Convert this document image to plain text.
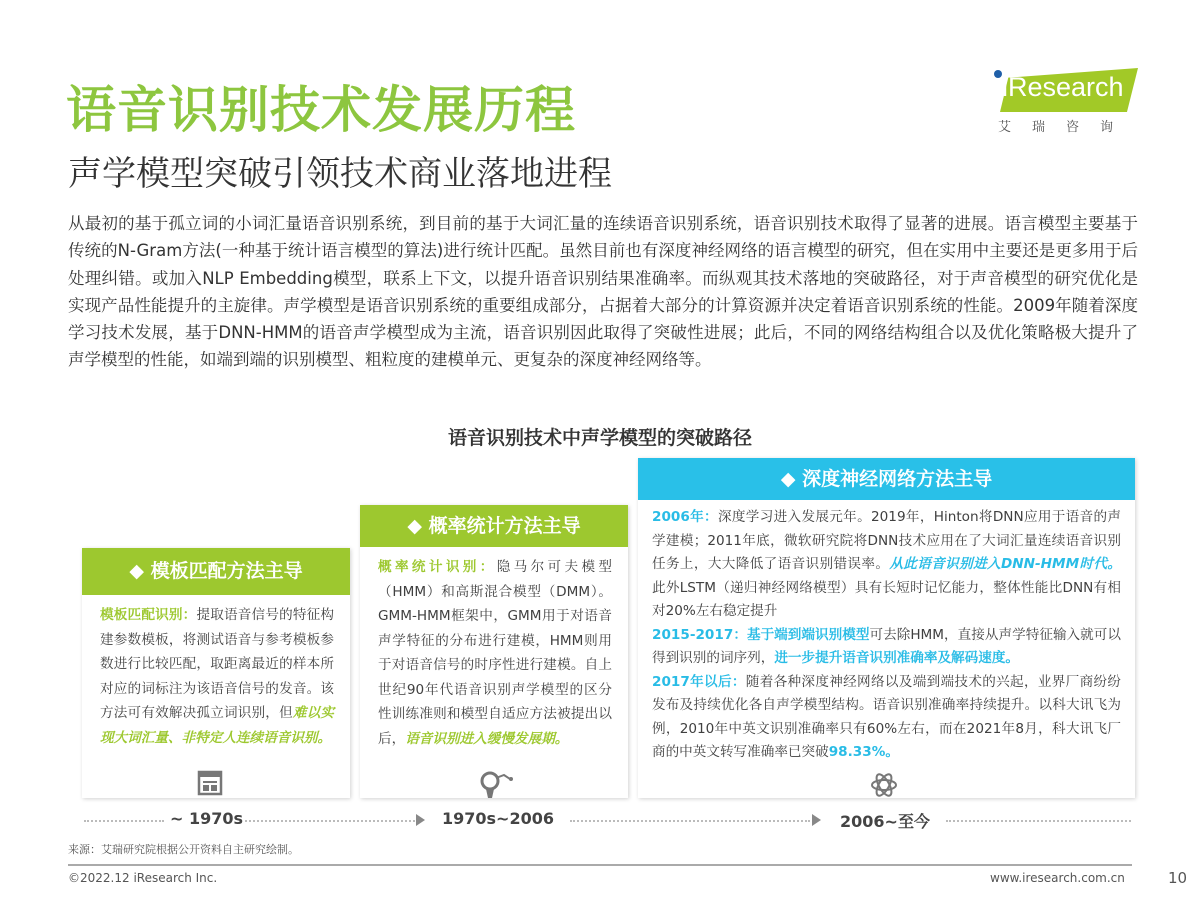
语音识别技术发展历程
声学模型突破引领技术商业落地进程
iResearch
艾瑞咨询
从最初的基于孤立词的小词汇量语音识别系统，到目前的基于大词汇量的连续语音识别系统，语音识别技术取得了显著的进展。语言模型主要基于传统的N-Gram方法(一种基于统计语言模型的算法)进行统计匹配。虽然目前也有深度神经网络的语言模型的研究，但在实用中主要还是更多用于后处理纠错。或加入NLP Embedding模型，联系上下文，以提升语音识别结果准确率。而纵观其技术落地的突破路径，对于声音模型的研究优化是实现产品性能提升的主旋律。声学模型是语音识别系统的重要组成部分，占据着大部分的计算资源并决定着语音识别系统的性能。2009年随着深度学习技术发展，基于DNN-HMM的语音声学模型成为主流，语音识别因此取得了突破性进展；此后，不同的网络结构组合以及优化策略极大提升了声学模型的性能，如端到端的识别模型、粗粒度的建模单元、更复杂的深度神经网络等。
语音识别技术中声学模型的突破路径
◆ 模板匹配方法主导
模板匹配识别：提取语音信号的特征构建参数模板，将测试语音与参考模板参数进行比较匹配，取距离最近的样本所对应的词标注为该语音信号的发音。该方法可有效解决孤立词识别，但难以实现大词汇量、非特定人连续语音识别。
◆ 概率统计方法主导
概率统计识别：隐马尔可夫模型（HMM）和高斯混合模型（DMM）。GMM-HMM框架中，GMM用于对语音声学特征的分布进行建模，HMM则用于对语音信号的时序性进行建模。自上世纪90年代语音识别声学模型的区分性训练准则和模型自适应方法被提出以后，语音识别进入缓慢发展期。
◆ 深度神经网络方法主导
2006年：深度学习进入发展元年。2019年，Hinton将DNN应用于语音的声学建模；2011年底，微软研究院将DNN技术应用在了大词汇量连续语音识别任务上，大大降低了语音识别错误率。从此语音识别进入DNN-HMM时代。此外LSTM（递归神经网络模型）具有长短时记忆能力，整体性能比DNN有相对20%左右稳定提升
2015-2017：基于端到端识别模型可去除HMM，直接从声学特征输入就可以得到识别的词序列，进一步提升语音识别准确率及解码速度。
2017年以后：随着各种深度神经网络以及端到端技术的兴起，业界厂商纷纷发布及持续优化各自声学模型结构。语音识别准确率持续提升。以科大讯飞为例，2010年中英文识别准确率只有60%左右，而在2021年8月，科大讯飞厂商的中英文转写准确率已突破98.33%。
~ 1970s	1970s~2006	2006~至今
来源：艾瑞研究院根据公开资料自主研究绘制。
©2022.12 iResearch Inc.	www.iresearch.com.cn	10
